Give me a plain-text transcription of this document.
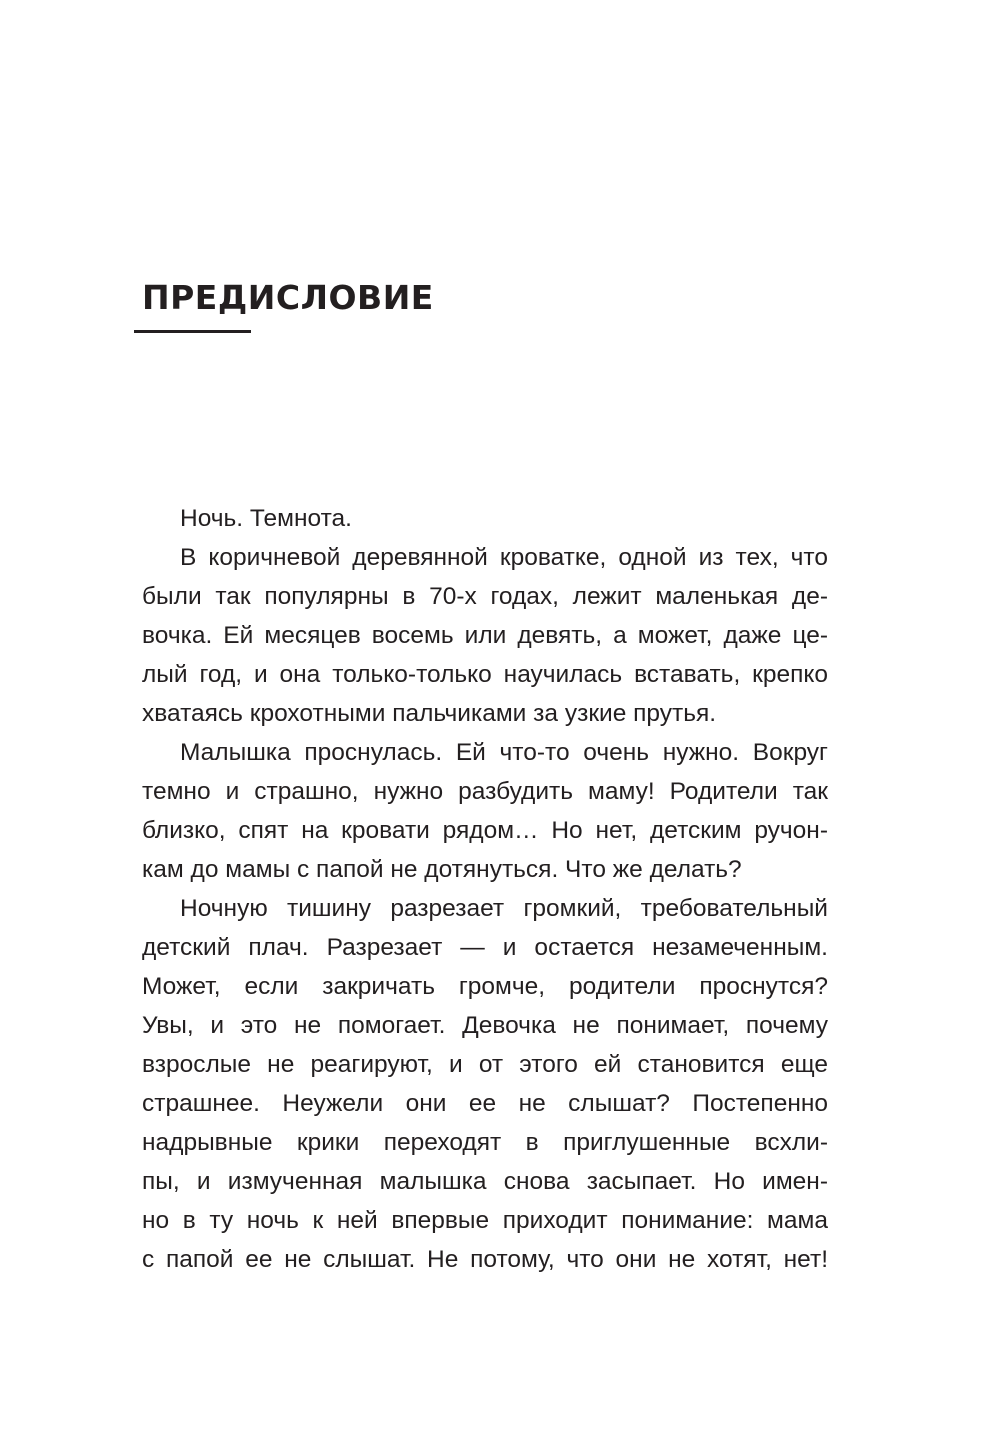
ПРЕДИСЛОВИЕ
Ночь. Темнота.
В коричневой деревянной кроватке, одной из тех, что
были так популярны в 70-х годах, лежит маленькая де-
вочка. Ей месяцев восемь или девять, а может, даже це-
лый год, и она только-только научилась вставать, крепко
хватаясь крохотными пальчиками за узкие прутья.
Малышка проснулась. Ей что-то очень нужно. Вокруг
темно и страшно, нужно разбудить маму! Родители так
близко, спят на кровати рядом… Но нет, детским ручон-
кам до мамы с папой не дотянуться. Что же делать?
Ночную тишину разрезает громкий, требовательный
детский плач. Разрезает — и остается незамеченным.
Может, если закричать громче, родители проснутся?
Увы, и это не помогает. Девочка не понимает, почему
взрослые не реагируют, и от этого ей становится еще
страшнее. Неужели они ее не слышат? Постепенно
надрывные крики переходят в приглушенные всхли-
пы, и измученная малышка снова засыпает. Но имен-
но в ту ночь к ней впервые приходит понимание: мама
с папой ее не слышат. Не потому, что они не хотят, нет!
